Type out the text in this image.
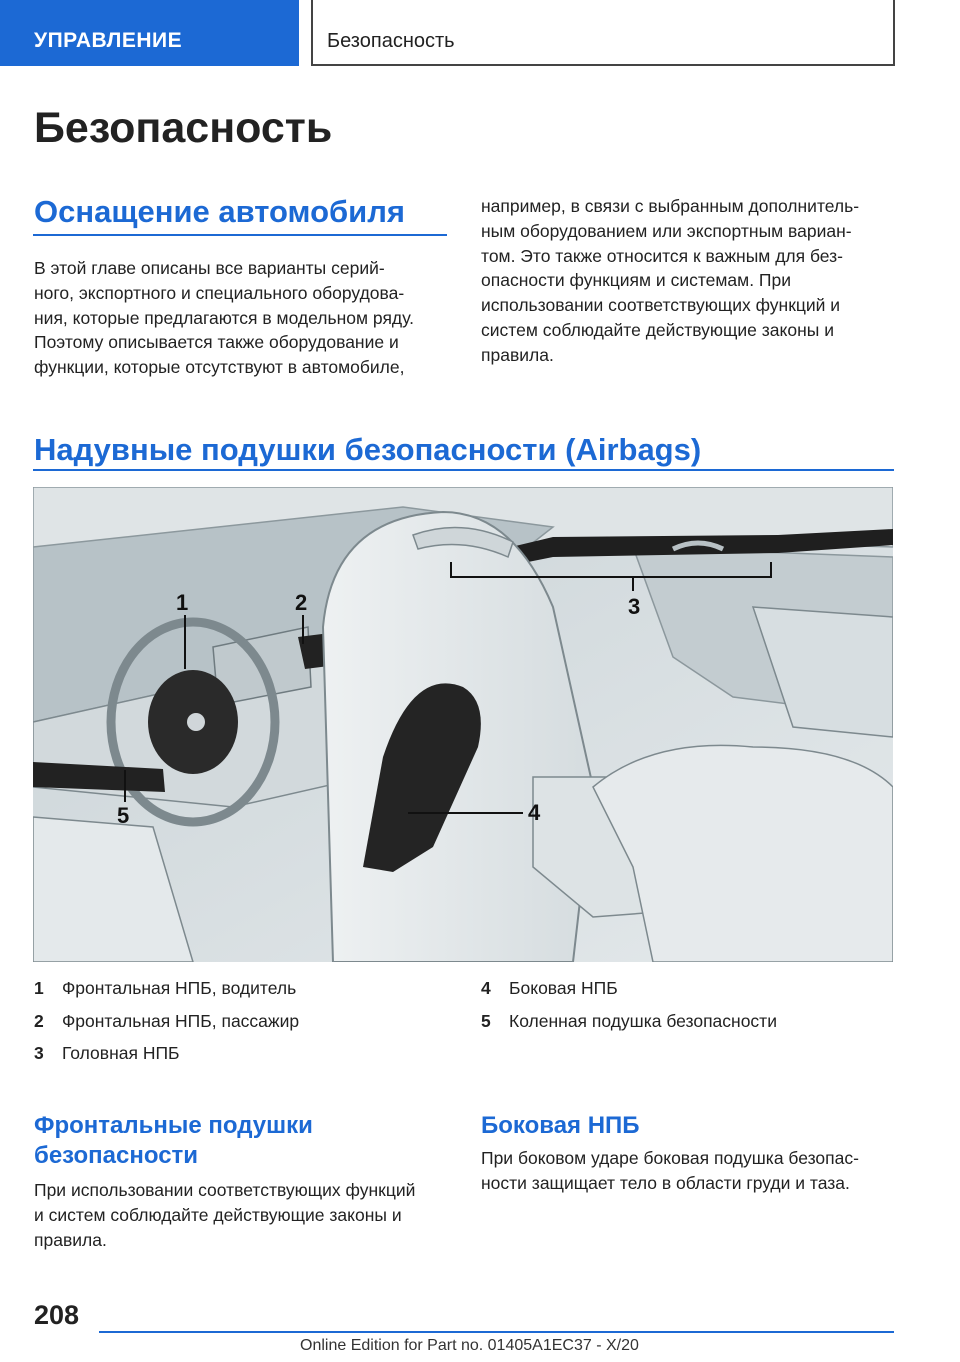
УПРАВЛЕНИЕ	Безопасность
Безопасность
Оснащение автомобиля
В этой главе описаны все варианты серий-
ного, экспортного и специального оборудова-
ния, которые предлагаются в модельном ряду.
Поэтому описывается также оборудование и
функции, которые отсутствуют в автомобиле,
например, в связи с выбранным дополнитель-
ным оборудованием или экспортным вариан-
том. Это также относится к важным для без-
опасности функциям и системам. При
использовании соответствующих функций и
систем соблюдайте действующие законы и
правила.
Надувные подушки безопасности (Airbags)
1	2	3
4
5
1 Фронтальная НПБ, водитель
2 Фронтальная НПБ, пассажир
3 Головная НПБ
4 Боковая НПБ
5 Коленная подушка безопасности
Фронтальные подушки
безопасности
При использовании соответствующих функций
и систем соблюдайте действующие законы и
правила.
Боковая НПБ
При боковом ударе боковая подушка безопас-
ности защищает тело в области груди и таза.
208
Online Edition for Part no. 01405A1EC37 - X/20
